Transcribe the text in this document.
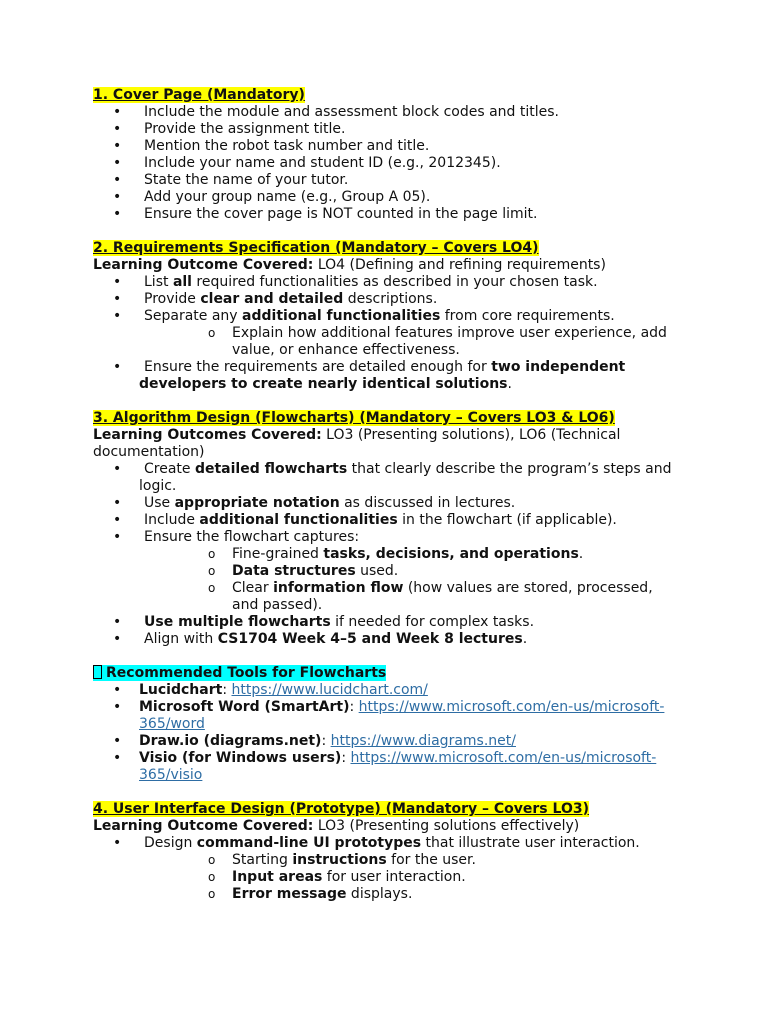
1. Cover Page (Mandatory)
• Include the module and assessment block codes and titles.
• Provide the assignment title.
• Mention the robot task number and title.
• Include your name and student ID (e.g., 2012345).
• State the name of your tutor.
• Add your group name (e.g., Group A 05).
• Ensure the cover page is NOT counted in the page limit.
2. Requirements Specification (Mandatory – Covers LO4)
Learning Outcome Covered: LO4 (Defining and refining requirements)
• List all required functionalities as described in your chosen task.
• Provide clear and detailed descriptions.
• Separate any additional functionalities from core requirements.
o Explain how additional features improve user experience, add value, or enhance effectiveness.
• Ensure the requirements are detailed enough for two independent developers to create nearly identical solutions.
3. Algorithm Design (Flowcharts) (Mandatory – Covers LO3 & LO6)
Learning Outcomes Covered: LO3 (Presenting solutions), LO6 (Technical documentation)
• Create detailed flowcharts that clearly describe the program’s steps and logic.
• Use appropriate notation as discussed in lectures.
• Include additional functionalities in the flowchart (if applicable).
• Ensure the flowchart captures:
o Fine-grained tasks, decisions, and operations.
o Data structures used.
o Clear information flow (how values are stored, processed, and passed).
• Use multiple flowcharts if needed for complex tasks.
• Align with CS1704 Week 4–5 and Week 8 lectures.
Recommended Tools for Flowcharts
• Lucidchart: https://www.lucidchart.com/
• Microsoft Word (SmartArt): https://www.microsoft.com/en-us/microsoft-365/word
• Draw.io (diagrams.net): https://www.diagrams.net/
• Visio (for Windows users): https://www.microsoft.com/en-us/microsoft-365/visio
4. User Interface Design (Prototype) (Mandatory – Covers LO3)
Learning Outcome Covered: LO3 (Presenting solutions effectively)
• Design command-line UI prototypes that illustrate user interaction.
o Starting instructions for the user.
o Input areas for user interaction.
o Error message displays.
